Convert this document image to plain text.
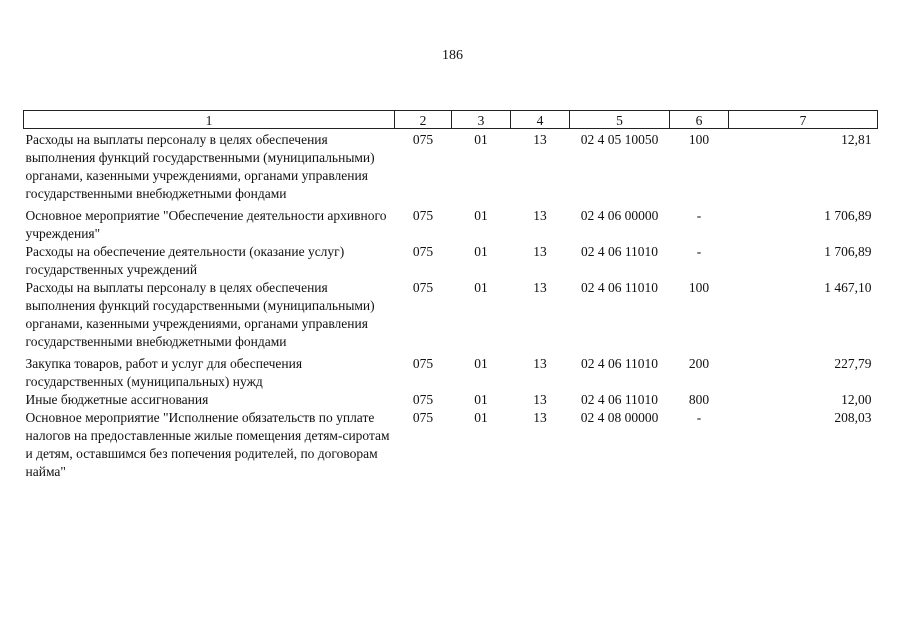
186
1	2	3	4	5	6	7
Расходы на выплаты персоналу в целях обеспечения выполнения функций государственными (муниципальными) органами, казенными учреждениями, органами управления государственными внебюджетными фондами	075	01	13	02 4 05 10050	100	12,81
Основное мероприятие "Обеспечение деятельности архивного учреждения"	075	01	13	02 4 06 00000	-	1 706,89
Расходы на обеспечение деятельности (оказание услуг) государственных учреждений	075	01	13	02 4 06 11010	-	1 706,89
Расходы на выплаты персоналу в целях обеспечения выполнения функций государственными (муниципальными) органами, казенными учреждениями, органами управления государственными внебюджетными фондами	075	01	13	02 4 06 11010	100	1 467,10
Закупка товаров, работ и услуг для обеспечения государственных (муниципальных) нужд	075	01	13	02 4 06 11010	200	227,79
Иные бюджетные ассигнования	075	01	13	02 4 06 11010	800	12,00
Основное мероприятие "Исполнение обязательств по уплате налогов на предоставленные жилые помещения детям-сиротам и детям, оставшимся без попечения родителей, по договорам найма"	075	01	13	02 4 08 00000	-	208,03
